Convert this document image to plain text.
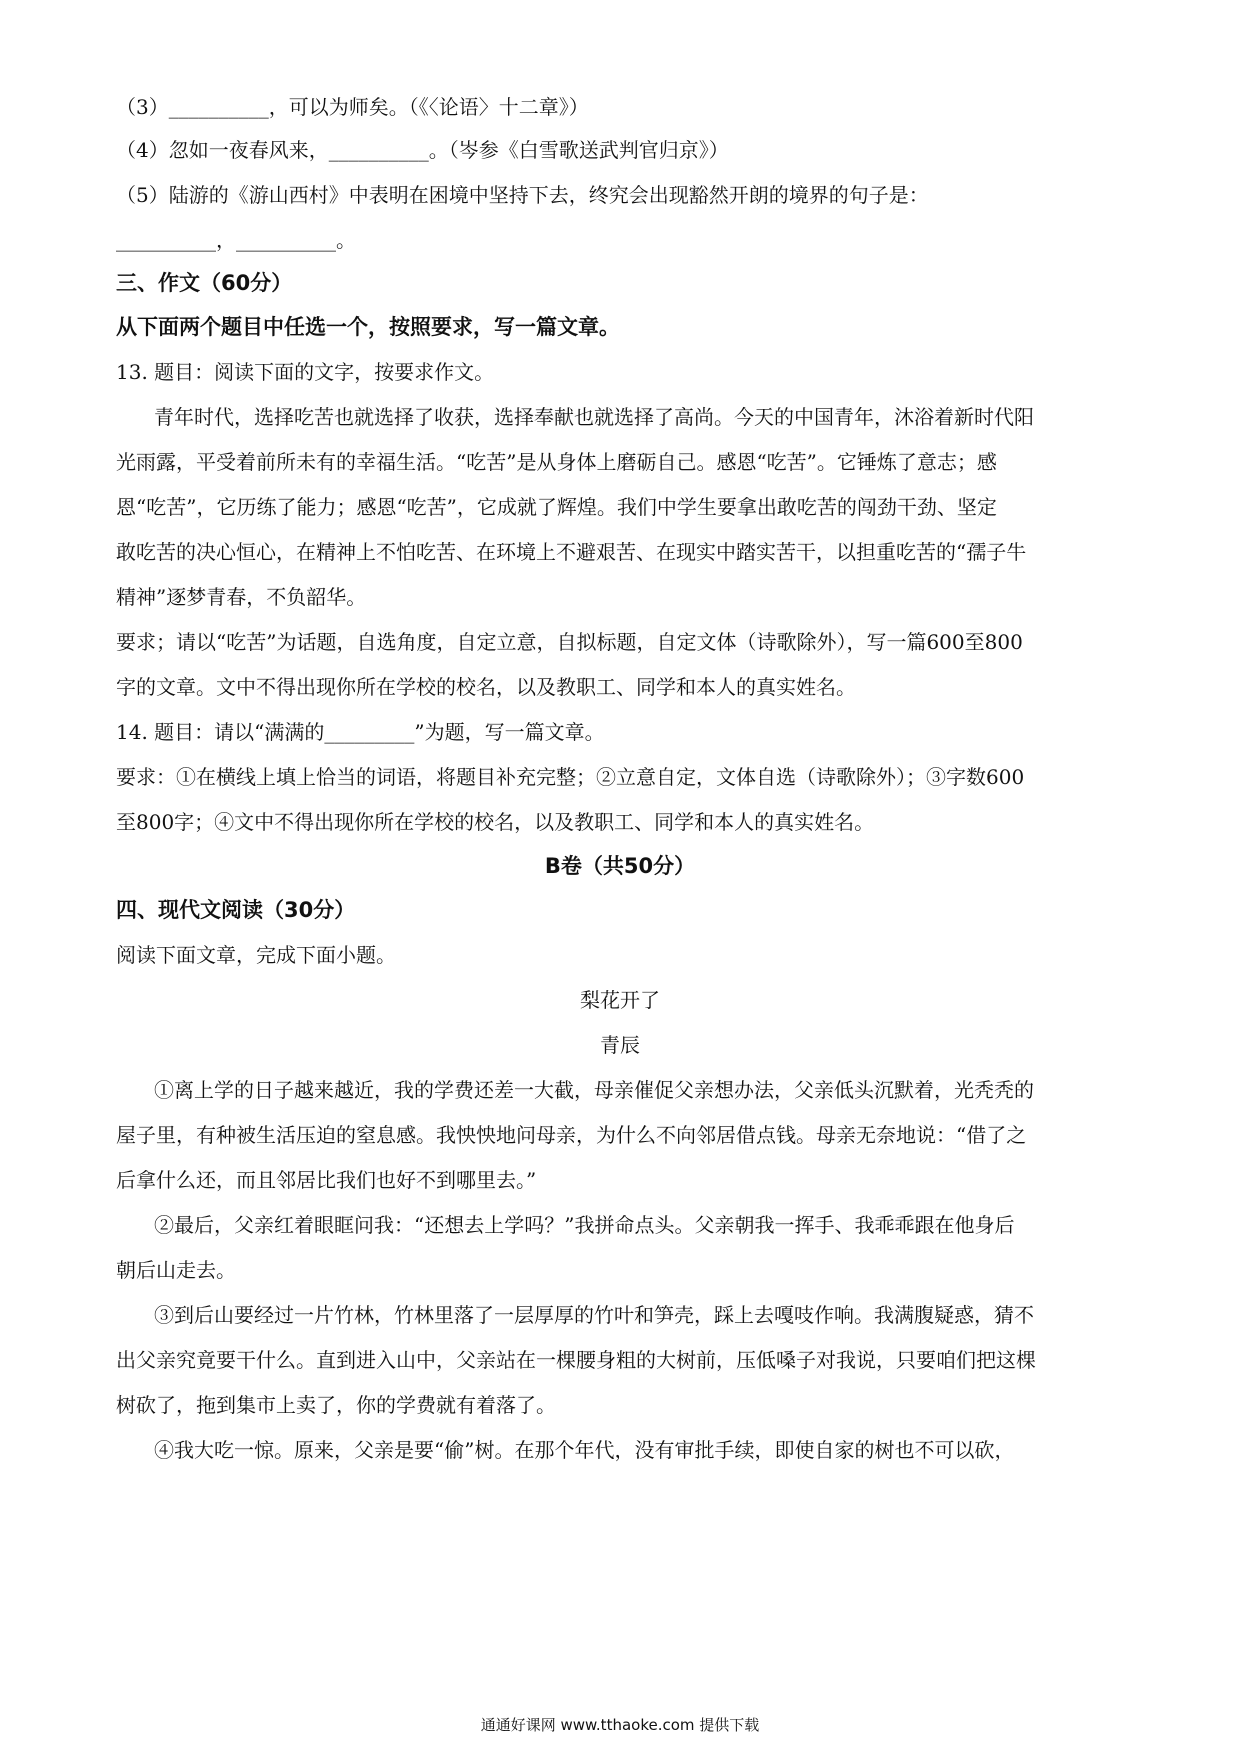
（3）__________，可以为师矣。（《〈论语〉十二章》）
（4）忽如一夜春风来，__________。（岑参《白雪歌送武判官归京》）
（5）陆游的《游山西村》中表明在困境中坚持下去，终究会出现豁然开朗的境界的句子是：
__________，__________。
三、作文（60分）
从下面两个题目中任选一个，按照要求，写一篇文章。
13. 题目：阅读下面的文字，按要求作文。
青年时代，选择吃苦也就选择了收获，选择奉献也就选择了高尚。今天的中国青年，沐浴着新时代阳
光雨露，平受着前所未有的幸福生活。“吃苦”是从身体上磨砺自己。感恩“吃苦”。它锤炼了意志；感
恩“吃苦”，它历练了能力；感恩“吃苦”，它成就了辉煌。我们中学生要拿出敢吃苦的闯劲干劲、坚定
敢吃苦的决心恒心，在精神上不怕吃苦、在环境上不避艰苦、在现实中踏实苦干，以担重吃苦的“孺子牛
精神”逐梦青春，不负韶华。
要求；请以“吃苦”为话题，自选角度，自定立意，自拟标题，自定文体（诗歌除外），写一篇600至800
字的文章。文中不得出现你所在学校的校名，以及教职工、同学和本人的真实姓名。
14. 题目：请以“满满的_________”为题，写一篇文章。
要求：①在横线上填上恰当的词语，将题目补充完整；②立意自定，文体自选（诗歌除外）；③字数600
至800字；④文中不得出现你所在学校的校名，以及教职工、同学和本人的真实姓名。
B卷（共50分）
四、现代文阅读（30分）
阅读下面文章，完成下面小题。
梨花开了
青辰
①离上学的日子越来越近，我的学费还差一大截，母亲催促父亲想办法，父亲低头沉默着，光秃秃的
屋子里，有种被生活压迫的窒息感。我怏怏地问母亲，为什么不向邻居借点钱。母亲无奈地说：“借了之
后拿什么还，而且邻居比我们也好不到哪里去。”
②最后，父亲红着眼眶问我：“还想去上学吗？”我拼命点头。父亲朝我一挥手、我乖乖跟在他身后
朝后山走去。
③到后山要经过一片竹林，竹林里落了一层厚厚的竹叶和笋壳，踩上去嘎吱作响。我满腹疑惑，猜不
出父亲究竟要干什么。直到进入山中，父亲站在一棵腰身粗的大树前，压低嗓子对我说，只要咱们把这棵
树砍了，拖到集市上卖了，你的学费就有着落了。
④我大吃一惊。原来，父亲是要“偷”树。在那个年代，没有审批手续，即使自家的树也不可以砍，
通通好课网 www.tthaoke.com 提供下载
